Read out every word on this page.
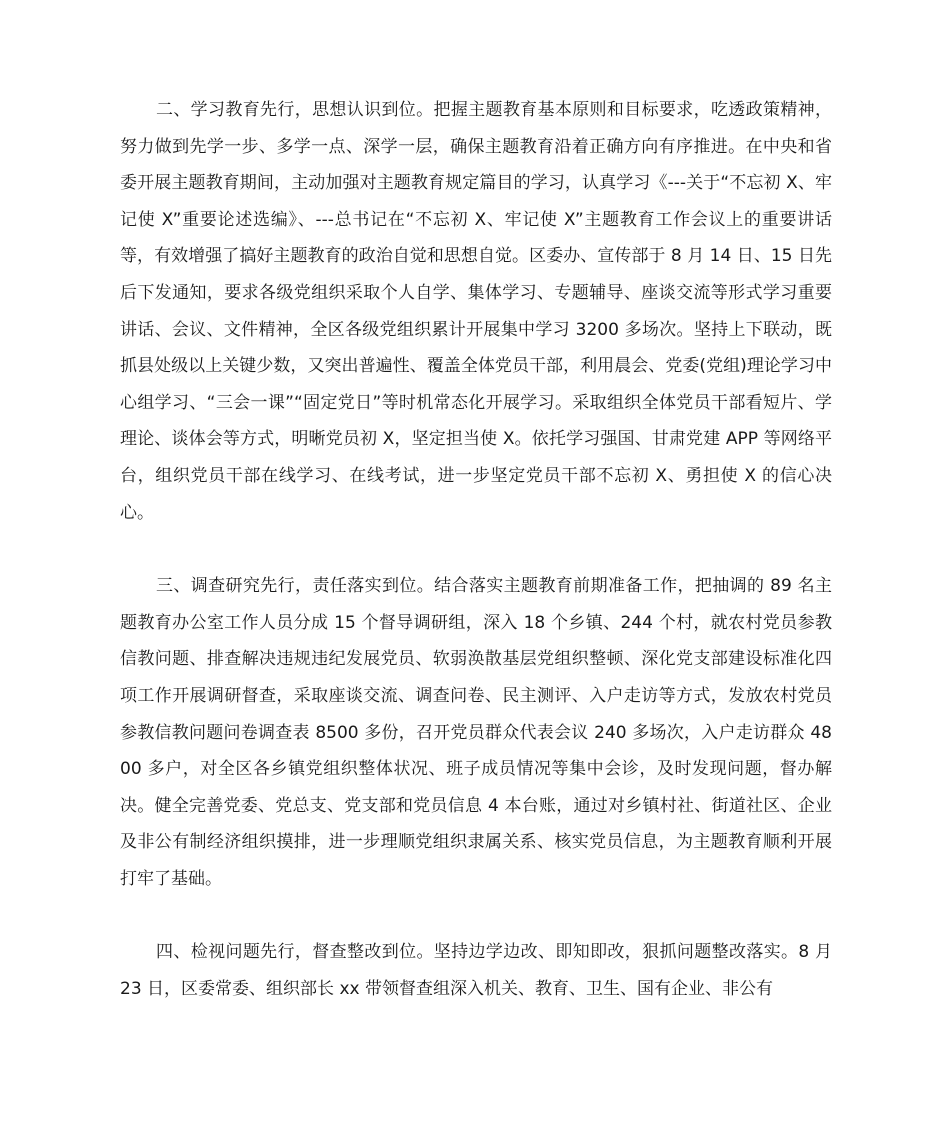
二、学习教育先行，思想认识到位。把握主题教育基本原则和目标要求，吃透政策精神，努力做到先学一步、多学一点、深学一层，确保主题教育沿着正确方向有序推进。在中央和省委开展主题教育期间，主动加强对主题教育规定篇目的学习，认真学习《---关于“不忘初 X、牢记使 X”重要论述选编》、---总书记在“不忘初 X、牢记使 X”主题教育工作会议上的重要讲话等，有效增强了搞好主题教育的政治自觉和思想自觉。区委办、宣传部于 8 月 14 日、15 日先后下发通知，要求各级党组织采取个人自学、集体学习、专题辅导、座谈交流等形式学习重要讲话、会议、文件精神，全区各级党组织累计开展集中学习 3200 多场次。坚持上下联动，既抓县处级以上关键少数，又突出普遍性、覆盖全体党员干部，利用晨会、党委(党组)理论学习中心组学习、“三会一课”“固定党日”等时机常态化开展学习。采取组织全体党员干部看短片、学理论、谈体会等方式，明晰党员初 X，坚定担当使 X。依托学习强国、甘肃党建 APP 等网络平台，组织党员干部在线学习、在线考试，进一步坚定党员干部不忘初 X、勇担使 X 的信心决心。

三、调查研究先行，责任落实到位。结合落实主题教育前期准备工作，把抽调的 89 名主题教育办公室工作人员分成 15 个督导调研组，深入 18 个乡镇、244 个村，就农村党员参教信教问题、排查解决违规违纪发展党员、软弱涣散基层党组织整顿、深化党支部建设标准化四项工作开展调研督查，采取座谈交流、调查问卷、民主测评、入户走访等方式，发放农村党员参教信教问题问卷调查表 8500 多份，召开党员群众代表会议 240 多场次，入户走访群众 4800 多户，对全区各乡镇党组织整体状况、班子成员情况等集中会诊，及时发现问题，督办解决。健全完善党委、党总支、党支部和党员信息 4 本台账，通过对乡镇村社、街道社区、企业及非公有制经济组织摸排，进一步理顺党组织隶属关系、核实党员信息，为主题教育顺利开展打牢了基础。

四、检视问题先行，督查整改到位。坚持边学边改、即知即改，狠抓问题整改落实。8 月 23 日，区委常委、组织部长 xx 带领督查组深入机关、教育、卫生、国有企业、非公有
